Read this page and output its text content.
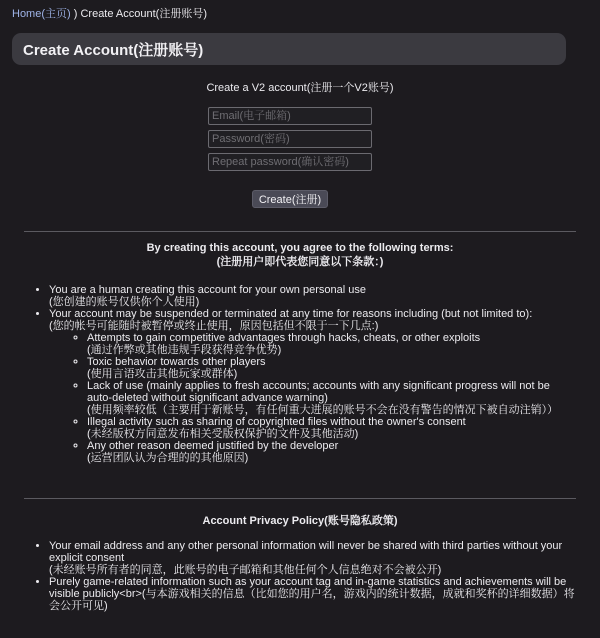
Home(主页) ) Create Account(注册账号)
Create Account(注册账号)
Create a V2 account(注册一个V2账号)
Email(电子邮箱)
Create(注册)
By creating this account, you agree to the following terms:
(注册用户即代表您同意以下条款：)
• You are a human creating this account for your own personal use
(您创建的账号仅供你个人使用)
• Your account may be suspended or terminated at any time for reasons including (but not limited to):
(您的帐号可能随时被暂停或终止使用，原因包括但不限于一下几点:)
◦ Attempts to gain competitive advantages through hacks, cheats, or other exploits
(通过作弊或其他违规手段获得竞争优势)
◦ Toxic behavior towards other players
(使用言语攻击其他玩家或群体)
◦ Lack of use (mainly applies to fresh accounts; accounts with any significant progress will not be auto-deleted without significant advance warning)
(使用频率较低（主要用于新账号，有任何重大进展的账号不会在没有警告的情况下被自动注销））
◦ Illegal activity such as sharing of copyrighted files without the owner's consent
(未经版权方同意发布相关受版权保护的文件及其他活动)
◦ Any other reason deemed justified by the developer
(运营团队认为合理的的其他原因)
Account Privacy Policy(账号隐私政策)
• Your email address and any other personal information will never be shared with third parties without your explicit consent
(未经账号所有者的同意，此账号的电子邮箱和其他任何个人信息绝对不会被公开)
• Purely game-related information such as your account tag and in-game statistics and achievements will be visible publicly<br>(与本游戏相关的信息（比如您的用户名，游戏内的统计数据，成就和奖杯的详细数据）将会公开可见)
